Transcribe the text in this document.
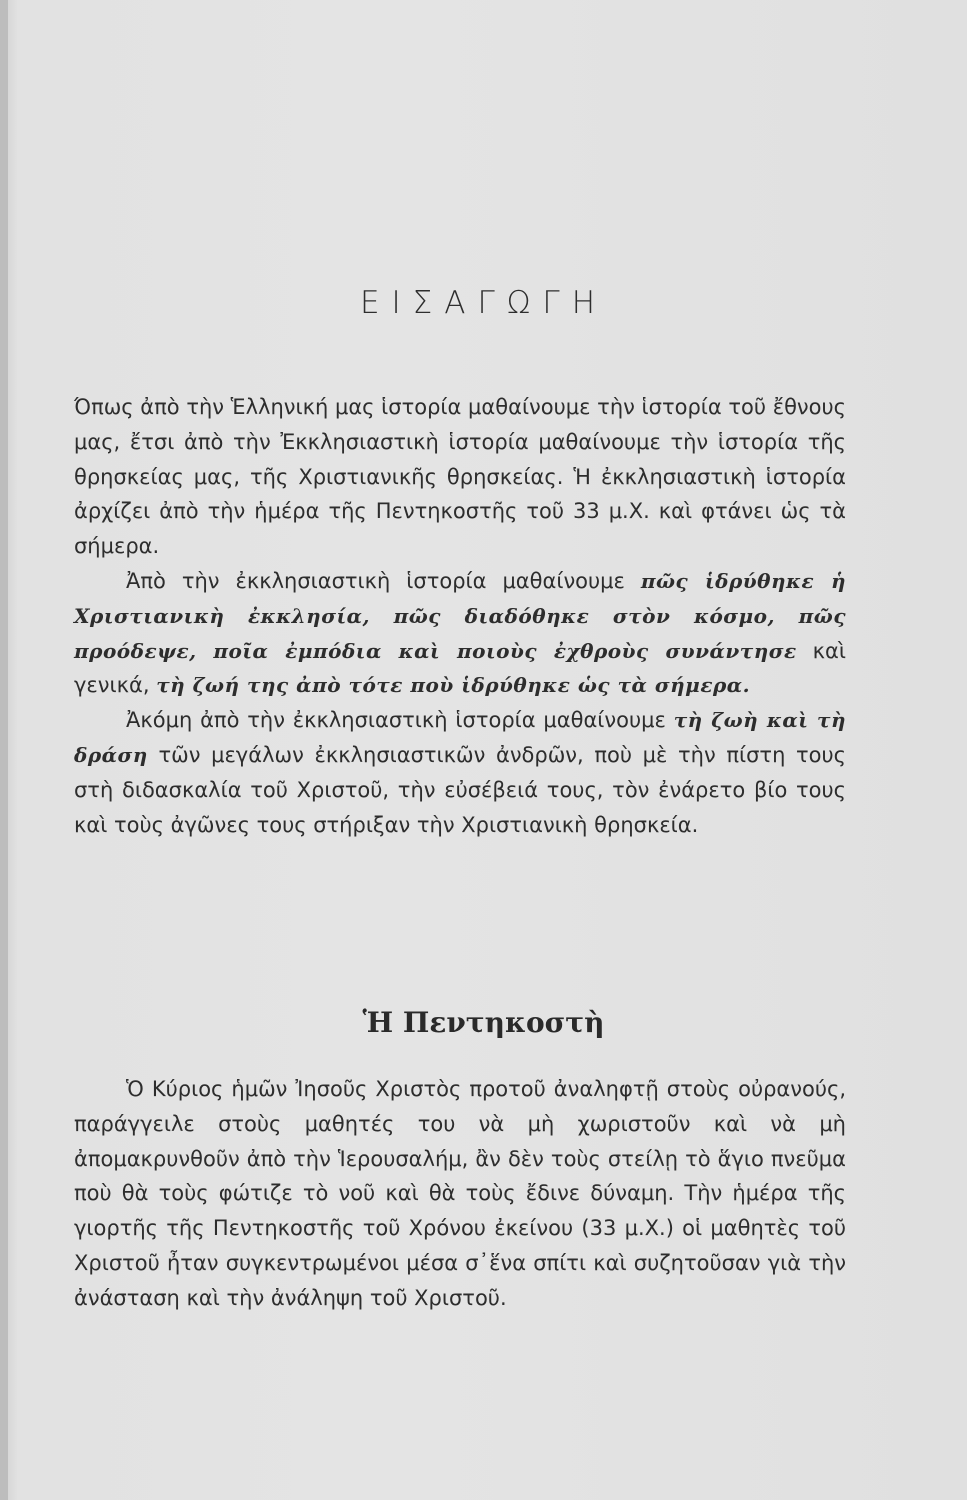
ΕΙΣΑΓΩΓΗ

Όπως ἀπὸ τὴν Ἑλληνική μας ἱστορία μαθαίνουμε τὴν ἱστορία τοῦ ἔθνους μας, ἔτσι ἀπὸ τὴν Ἐκκλησιαστικὴ ἱστορία μαθαίνουμε τὴν ἱστορία τῆς θρησκείας μας, τῆς Χριστιανικῆς θρησκείας. Ἡ ἐκκλησιαστικὴ ἱστορία ἀρχίζει ἀπὸ τὴν ἡμέρα τῆς Πεντηκοστῆς τοῦ 33 μ.Χ. καὶ φτάνει ὡς τὰ σήμερα.

Ἀπὸ τὴν ἐκκλησιαστικὴ ἱστορία μαθαίνουμε πῶς ἱδρύθηκε ἡ Χριστιανικὴ ἐκκλησία, πῶς διαδόθηκε στὸν κόσμο, πῶς προόδεψε, ποῖα ἐμπόδια καὶ ποιοὺς ἐχθροὺς συνάντησε καὶ γενικά, τὴ ζωή της ἀπὸ τότε ποὺ ἱδρύθηκε ὡς τὰ σήμερα.

Ἀκόμη ἀπὸ τὴν ἐκκλησιαστικὴ ἱστορία μαθαίνουμε τὴ ζωὴ καὶ τὴ δράση τῶν μεγάλων ἐκκλησιαστικῶν ἀνδρῶν, ποὺ μὲ τὴν πίστη τους στὴ διδασκαλία τοῦ Χριστοῦ, τὴν εὐσέβειά τους, τὸν ἐνάρετο βίο τους καὶ τοὺς ἀγῶνες τους στήριξαν τὴν Χριστιανικὴ θρησκεία.

Ἡ Πεντηκοστὴ

Ὁ Κύριος ἡμῶν Ἰησοῦς Χριστὸς προτοῦ ἀναληφτῇ στοὺς οὐρανούς, παράγγειλε στοὺς μαθητές του νὰ μὴ χωριστοῦν καὶ νὰ μὴ ἀπομακρυνθοῦν ἀπὸ τὴν Ἱερουσαλήμ, ἂν δὲν τοὺς στείλῃ τὸ ἅγιο πνεῦμα ποὺ θὰ τοὺς φώτιζε τὸ νοῦ καὶ θὰ τοὺς ἔδινε δύναμη. Τὴν ἡμέρα τῆς γιορτῆς τῆς Πεντηκοστῆς τοῦ Χρόνου ἐκείνου (33 μ.Χ.) οἱ μαθητὲς τοῦ Χριστοῦ ἦταν συγκεντρωμένοι μέσα σ᾿ἕνα σπίτι καὶ συζητοῦσαν γιὰ τὴν ἀνάσταση καὶ τὴν ἀνάληψη τοῦ Χριστοῦ.
